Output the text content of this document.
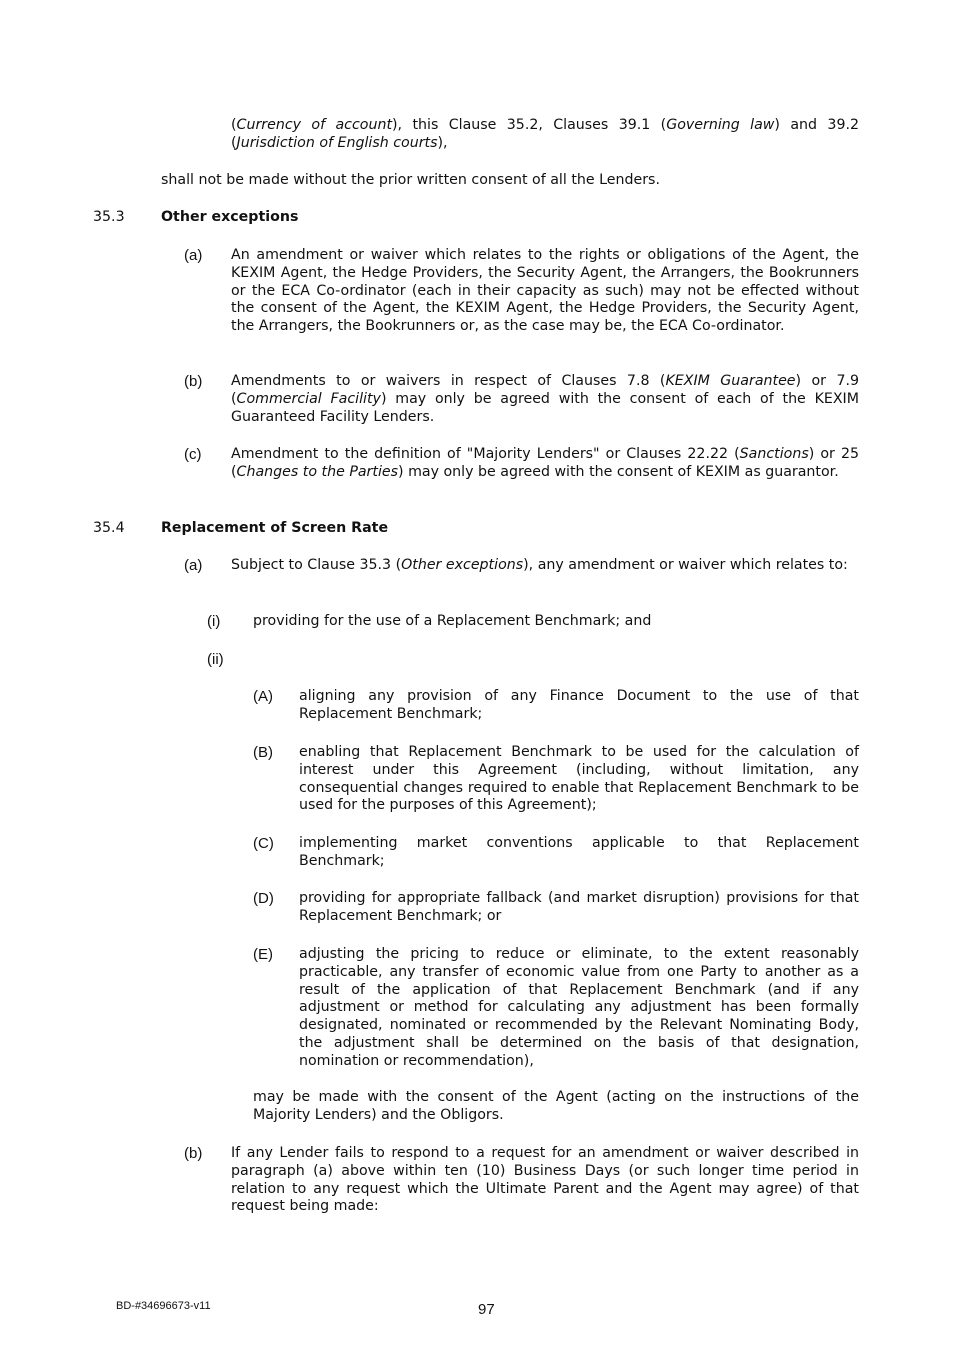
(Currency of account), this Clause 35.2, Clauses 39.1 (Governing law) and 39.2 (Jurisdiction of English courts),

shall not be made without the prior written consent of all the Lenders.

35.3	Other exceptions
(a) An amendment or waiver which relates to the rights or obligations of the Agent, the KEXIM Agent, the Hedge Providers, the Security Agent, the Arrangers, the Bookrunners or the ECA Co-ordinator (each in their capacity as such) may not be effected without the consent of the Agent, the KEXIM Agent, the Hedge Providers, the Security Agent, the Arrangers, the Bookrunners or, as the case may be, the ECA Co-ordinator.

(b) Amendments to or waivers in respect of Clauses 7.8 (KEXIM Guarantee) or 7.9 (Commercial Facility) may only be agreed with the consent of each of the KEXIM Guaranteed Facility Lenders.

(c) Amendment to the definition of "Majority Lenders" or Clauses 22.22 (Sanctions) or 25 (Changes to the Parties) may only be agreed with the consent of KEXIM as guarantor.

35.4	Replacement of Screen Rate
(a) Subject to Clause 35.3 (Other exceptions), any amendment or waiver which relates to:

(i) providing for the use of a Replacement Benchmark; and

(ii)
(A) aligning any provision of any Finance Document to the use of that Replacement Benchmark;

(B) enabling that Replacement Benchmark to be used for the calculation of interest under this Agreement (including, without limitation, any consequential changes required to enable that Replacement Benchmark to be used for the purposes of this Agreement);

(C) implementing market conventions applicable to that Replacement Benchmark;

(D) providing for appropriate fallback (and market disruption) provisions for that Replacement Benchmark; or

(E) adjusting the pricing to reduce or eliminate, to the extent reasonably practicable, any transfer of economic value from one Party to another as a result of the application of that Replacement Benchmark (and if any adjustment or method for calculating any adjustment has been formally designated, nominated or recommended by the Relevant Nominating Body, the adjustment shall be determined on the basis of that designation, nomination or recommendation),

may be made with the consent of the Agent (acting on the instructions of the Majority Lenders) and the Obligors.

(b) If any Lender fails to respond to a request for an amendment or waiver described in paragraph (a) above within ten (10) Business Days (or such longer time period in relation to any request which the Ultimate Parent and the Agent may agree) of that request being made:

BD-#34696673-v11	97
